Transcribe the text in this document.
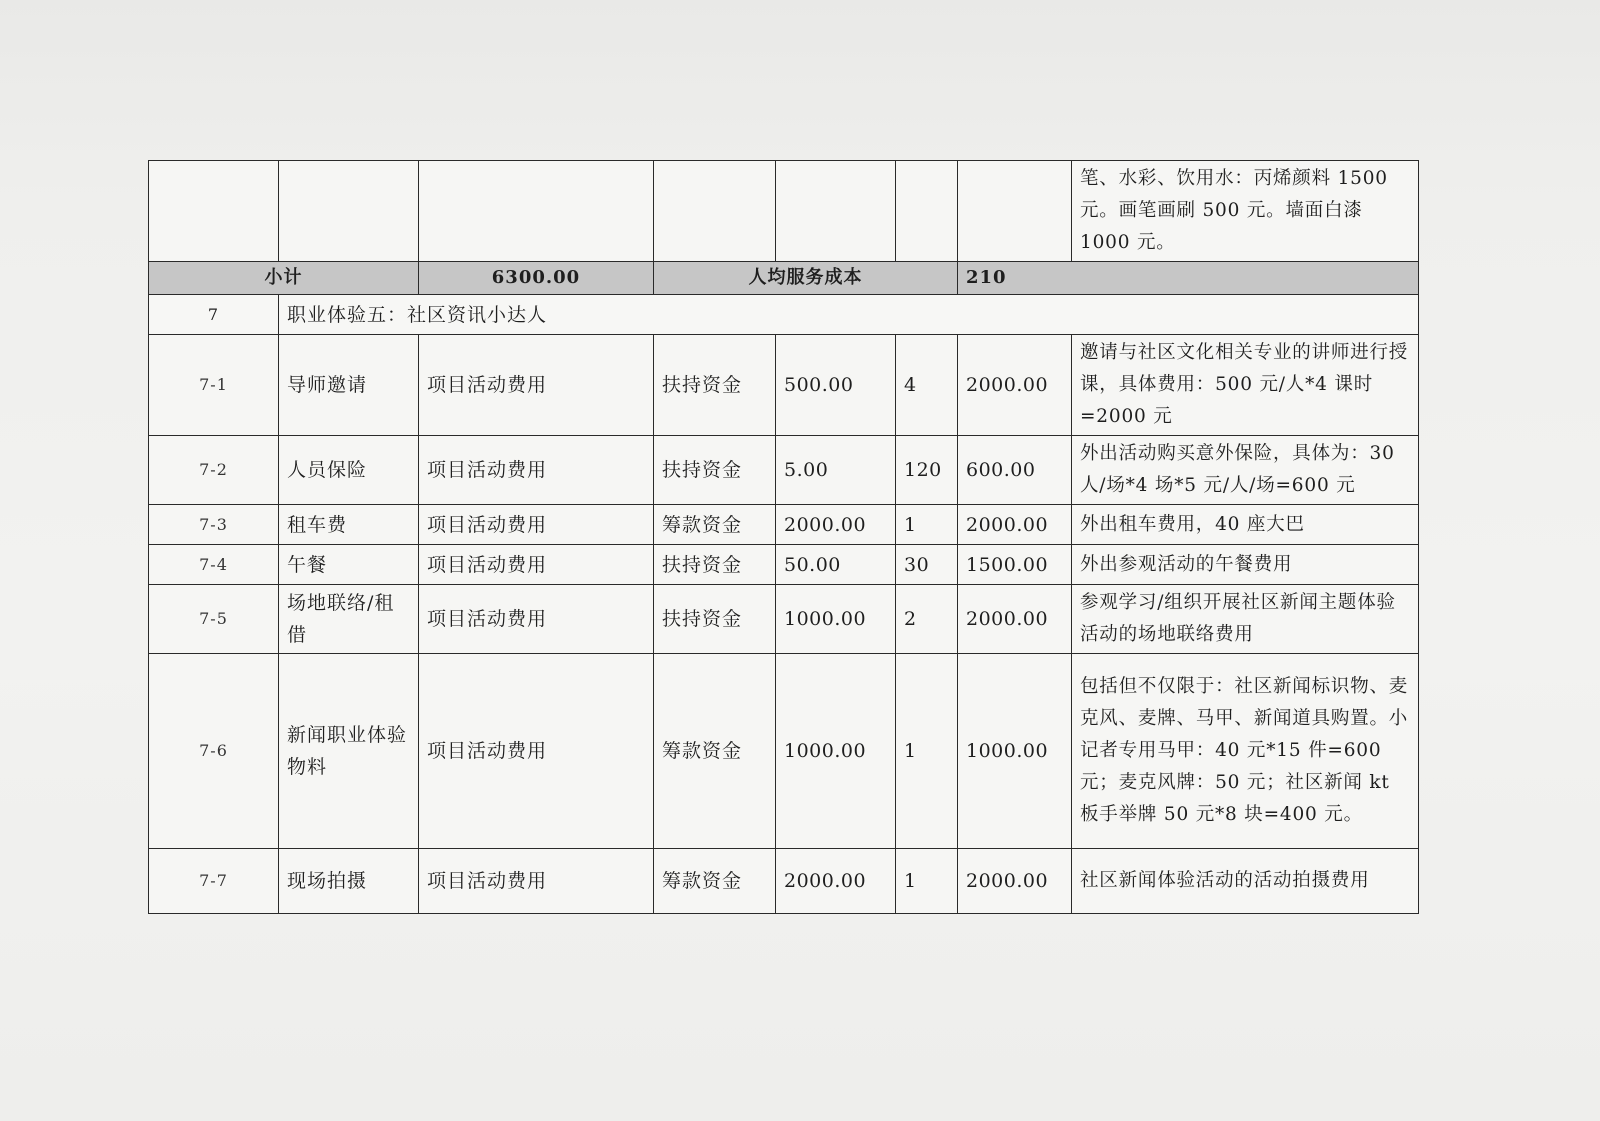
							笔、水彩、饮用水：丙烯颜料 1500 元。画笔画刷 500 元。墙面白漆 1000 元。
小计		6300.00	人均服务成本			210	
7	职业体验五：社区资讯小达人						
7-1	导师邀请	项目活动费用	扶持资金	500.00	4	2000.00	邀请与社区文化相关专业的讲师进行授课，具体费用：500 元/人*4 课时=2000 元
7-2	人员保险	项目活动费用	扶持资金	5.00	120	600.00	外出活动购买意外保险，具体为：30 人/场*4 场*5 元/人/场=600 元
7-3	租车费	项目活动费用	筹款资金	2000.00	1	2000.00	外出租车费用，40 座大巴
7-4	午餐	项目活动费用	扶持资金	50.00	30	1500.00	外出参观活动的午餐费用
7-5	场地联络/租借	项目活动费用	扶持资金	1000.00	2	2000.00	参观学习/组织开展社区新闻主题体验活动的场地联络费用
7-6	新闻职业体验物料	项目活动费用	筹款资金	1000.00	1	1000.00	包括但不仅限于：社区新闻标识物、麦克风、麦牌、马甲、新闻道具购置。小记者专用马甲：40 元*15 件=600 元；麦克风牌：50 元；社区新闻 kt 板手举牌 50 元*8 块=400 元。
7-7	现场拍摄	项目活动费用	筹款资金	2000.00	1	2000.00	社区新闻体验活动的活动拍摄费用
